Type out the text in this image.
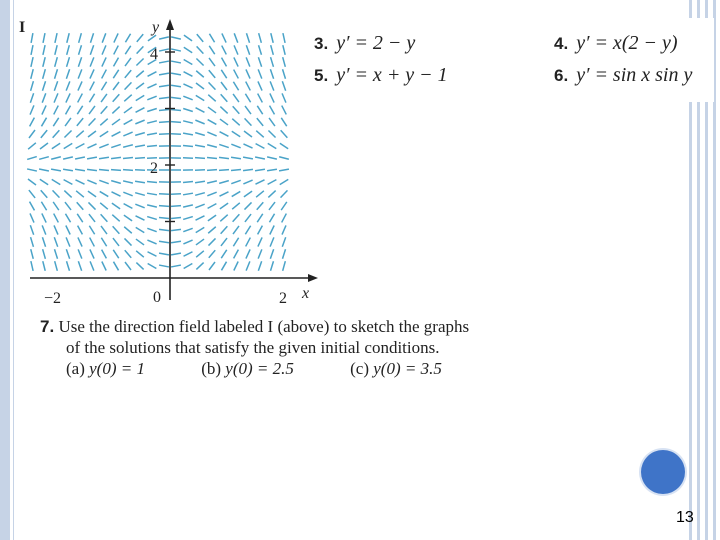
I	y
x
4
2
−2	0	2
3. y′ = 2 − y	4. y′ = x(2 − y)
5. y′ = x + y − 1	6. y′ = sin x sin y
7. Use the direction field labeled I (above) to sketch the graphs
of the solutions that satisfy the given initial conditions.
(a) y(0) = 1	(b) y(0) = 2.5	(c) y(0) = 3.5
13
